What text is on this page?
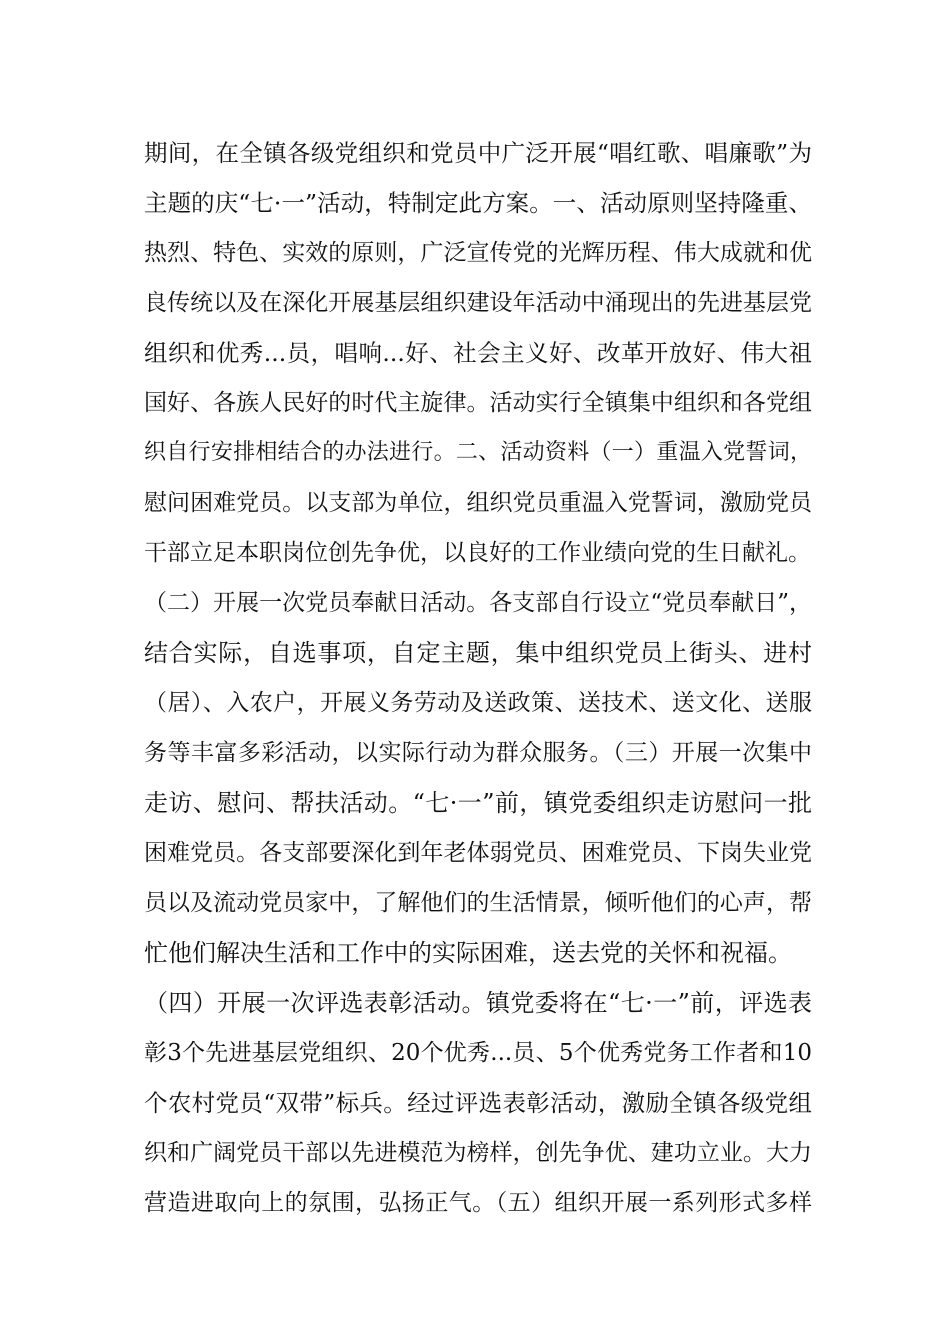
期间，在全镇各级党组织和党员中广泛开展“唱红歌、唱廉歌”为
主题的庆“七·一”活动，特制定此方案。一、活动原则坚持隆重、
热烈、特色、实效的原则，广泛宣传党的光辉历程、伟大成就和优
良传统以及在深化开展基层组织建设年活动中涌现出的先进基层党
组织和优秀...员，唱响...好、社会主义好、改革开放好、伟大祖
国好、各族人民好的时代主旋律。活动实行全镇集中组织和各党组
织自行安排相结合的办法进行。二、活动资料（一）重温入党誓词，
慰问困难党员。以支部为单位，组织党员重温入党誓词，激励党员
干部立足本职岗位创先争优，以良好的工作业绩向党的生日献礼。
（二）开展一次党员奉献日活动。各支部自行设立“党员奉献日”，
结合实际，自选事项，自定主题，集中组织党员上街头、进村
（居）、入农户，开展义务劳动及送政策、送技术、送文化、送服
务等丰富多彩活动，以实际行动为群众服务。（三）开展一次集中
走访、慰问、帮扶活动。“七·一”前，镇党委组织走访慰问一批
困难党员。各支部要深化到年老体弱党员、困难党员、下岗失业党
员以及流动党员家中，了解他们的生活情景，倾听他们的心声，帮
忙他们解决生活和工作中的实际困难，送去党的关怀和祝福。
（四）开展一次评选表彰活动。镇党委将在“七·一”前，评选表
彰3个先进基层党组织、20个优秀...员、5个优秀党务工作者和10
个农村党员“双带”标兵。经过评选表彰活动，激励全镇各级党组
织和广阔党员干部以先进模范为榜样，创先争优、建功立业。大力
营造进取向上的氛围，弘扬正气。（五）组织开展一系列形式多样
